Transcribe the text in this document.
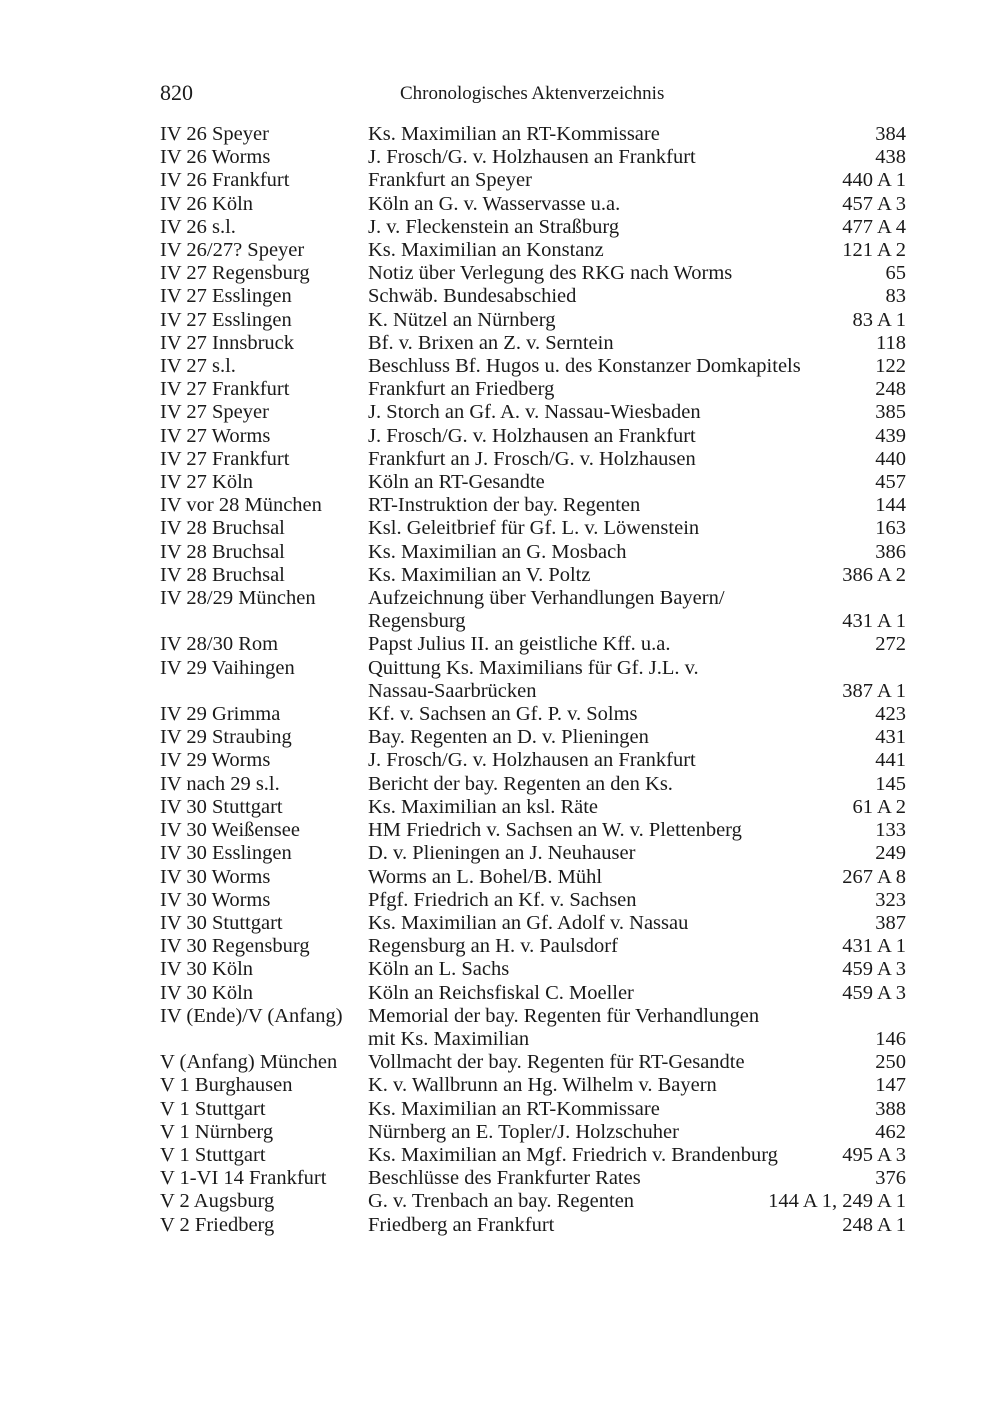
820	Chronologisches Aktenverzeichnis
IV 26 Speyer	Ks. Maximilian an RT-Kommissare	384
IV 26 Worms	J. Frosch/G. v. Holzhausen an Frankfurt	438
IV 26 Frankfurt	Frankfurt an Speyer	440 A 1
IV 26 Köln	Köln an G. v. Wasservasse u.a.	457 A 3
IV 26 s.l.	J. v. Fleckenstein an Straßburg	477 A 4
IV 26/27? Speyer	Ks. Maximilian an Konstanz	121 A 2
IV 27 Regensburg	Notiz über Verlegung des RKG nach Worms	65
IV 27 Esslingen	Schwäb. Bundesabschied	83
IV 27 Esslingen	K. Nützel an Nürnberg	83 A 1
IV 27 Innsbruck	Bf. v. Brixen an Z. v. Serntein	118
IV 27 s.l.	Beschluss Bf. Hugos u. des Konstanzer Domkapitels	122
IV 27 Frankfurt	Frankfurt an Friedberg	248
IV 27 Speyer	J. Storch an Gf. A. v. Nassau-Wiesbaden	385
IV 27 Worms	J. Frosch/G. v. Holzhausen an Frankfurt	439
IV 27 Frankfurt	Frankfurt an J. Frosch/G. v. Holzhausen	440
IV 27 Köln	Köln an RT-Gesandte	457
IV vor 28 München	RT-Instruktion der bay. Regenten	144
IV 28 Bruchsal	Ksl. Geleitbrief für Gf. L. v. Löwenstein	163
IV 28 Bruchsal	Ks. Maximilian an G. Mosbach	386
IV 28 Bruchsal	Ks. Maximilian an V. Poltz	386 A 2
IV 28/29 München	Aufzeichnung über Verhandlungen Bayern/
Regensburg	431 A 1
IV 28/30 Rom	Papst Julius II. an geistliche Kff. u.a.	272
IV 29 Vaihingen	Quittung Ks. Maximilians für Gf. J.L. v.
Nassau-Saarbrücken	387 A 1
IV 29 Grimma	Kf. v. Sachsen an Gf. P. v. Solms	423
IV 29 Straubing	Bay. Regenten an D. v. Plieningen	431
IV 29 Worms	J. Frosch/G. v. Holzhausen an Frankfurt	441
IV nach 29 s.l.	Bericht der bay. Regenten an den Ks.	145
IV 30 Stuttgart	Ks. Maximilian an ksl. Räte	61 A 2
IV 30 Weißensee	HM Friedrich v. Sachsen an W. v. Plettenberg	133
IV 30 Esslingen	D. v. Plieningen an J. Neuhauser	249
IV 30 Worms	Worms an L. Bohel/B. Mühl	267 A 8
IV 30 Worms	Pfgf. Friedrich an Kf. v. Sachsen	323
IV 30 Stuttgart	Ks. Maximilian an Gf. Adolf v. Nassau	387
IV 30 Regensburg	Regensburg an H. v. Paulsdorf	431 A 1
IV 30 Köln	Köln an L. Sachs	459 A 3
IV 30 Köln	Köln an Reichsfiskal C. Moeller	459 A 3
IV (Ende)/V (Anfang)	Memorial der bay. Regenten für Verhandlungen
mit Ks. Maximilian	146
V (Anfang) München	Vollmacht der bay. Regenten für RT-Gesandte	250
V 1 Burghausen	K. v. Wallbrunn an Hg. Wilhelm v. Bayern	147
V 1 Stuttgart	Ks. Maximilian an RT-Kommissare	388
V 1 Nürnberg	Nürnberg an E. Topler/J. Holzschuher	462
V 1 Stuttgart	Ks. Maximilian an Mgf. Friedrich v. Brandenburg	495 A 3
V 1-VI 14 Frankfurt	Beschlüsse des Frankfurter Rates	376
V 2 Augsburg	G. v. Trenbach an bay. Regenten	144 A 1, 249 A 1
V 2 Friedberg	Friedberg an Frankfurt	248 A 1
